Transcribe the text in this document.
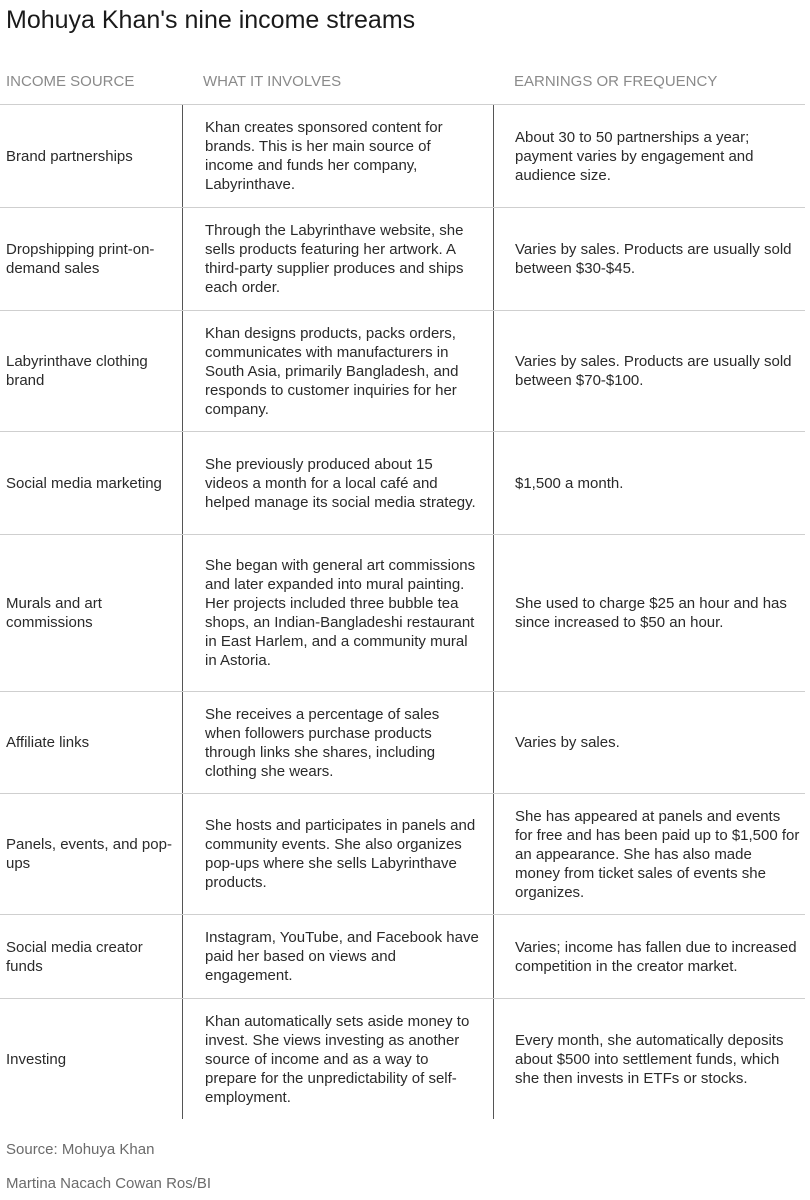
Mohuya Khan's nine income streams
INCOME SOURCE	WHAT IT INVOLVES	EARNINGS OR FREQUENCY
Brand partnerships
Khan creates sponsored content for brands. This is her main source of income and funds her company, Labyrinthave.
About 30 to 50 partnerships a year; payment varies by engagement and audience size.
Dropshipping print-on-demand sales
Through the Labyrinthave website, she sells products featuring her artwork. A third-party supplier produces and ships each order.
Varies by sales. Products are usually sold between $30-$45.
Labyrinthave clothing brand
Khan designs products, packs orders, communicates with manufacturers in South Asia, primarily Bangladesh, and responds to customer inquiries for her company.
Varies by sales. Products are usually sold between $70-$100.
Social media marketing
She previously produced about 15 videos a month for a local café and helped manage its social media strategy.
$1,500 a month.
Murals and art commissions
She began with general art commissions and later expanded into mural painting. Her projects included three bubble tea shops, an Indian-Bangladeshi restaurant in East Harlem, and a community mural in Astoria.
She used to charge $25 an hour and has since increased to $50 an hour.
Affiliate links
She receives a percentage of sales when followers purchase products through links she shares, including clothing she wears.
Varies by sales.
Panels, events, and pop-ups
She hosts and participates in panels and community events. She also organizes pop-ups where she sells Labyrinthave products.
She has appeared at panels and events for free and has been paid up to $1,500 for an appearance. She has also made money from ticket sales of events she organizes.
Social media creator funds
Instagram, YouTube, and Facebook have paid her based on views and engagement.
Varies; income has fallen due to increased competition in the creator market.
Investing
Khan automatically sets aside money to invest. She views investing as another source of income and as a way to prepare for the unpredictability of self-employment.
Every month, she automatically deposits about $500 into settlement funds, which she then invests in ETFs or stocks.
Source: Mohuya Khan
Martina Nacach Cowan Ros/BI
